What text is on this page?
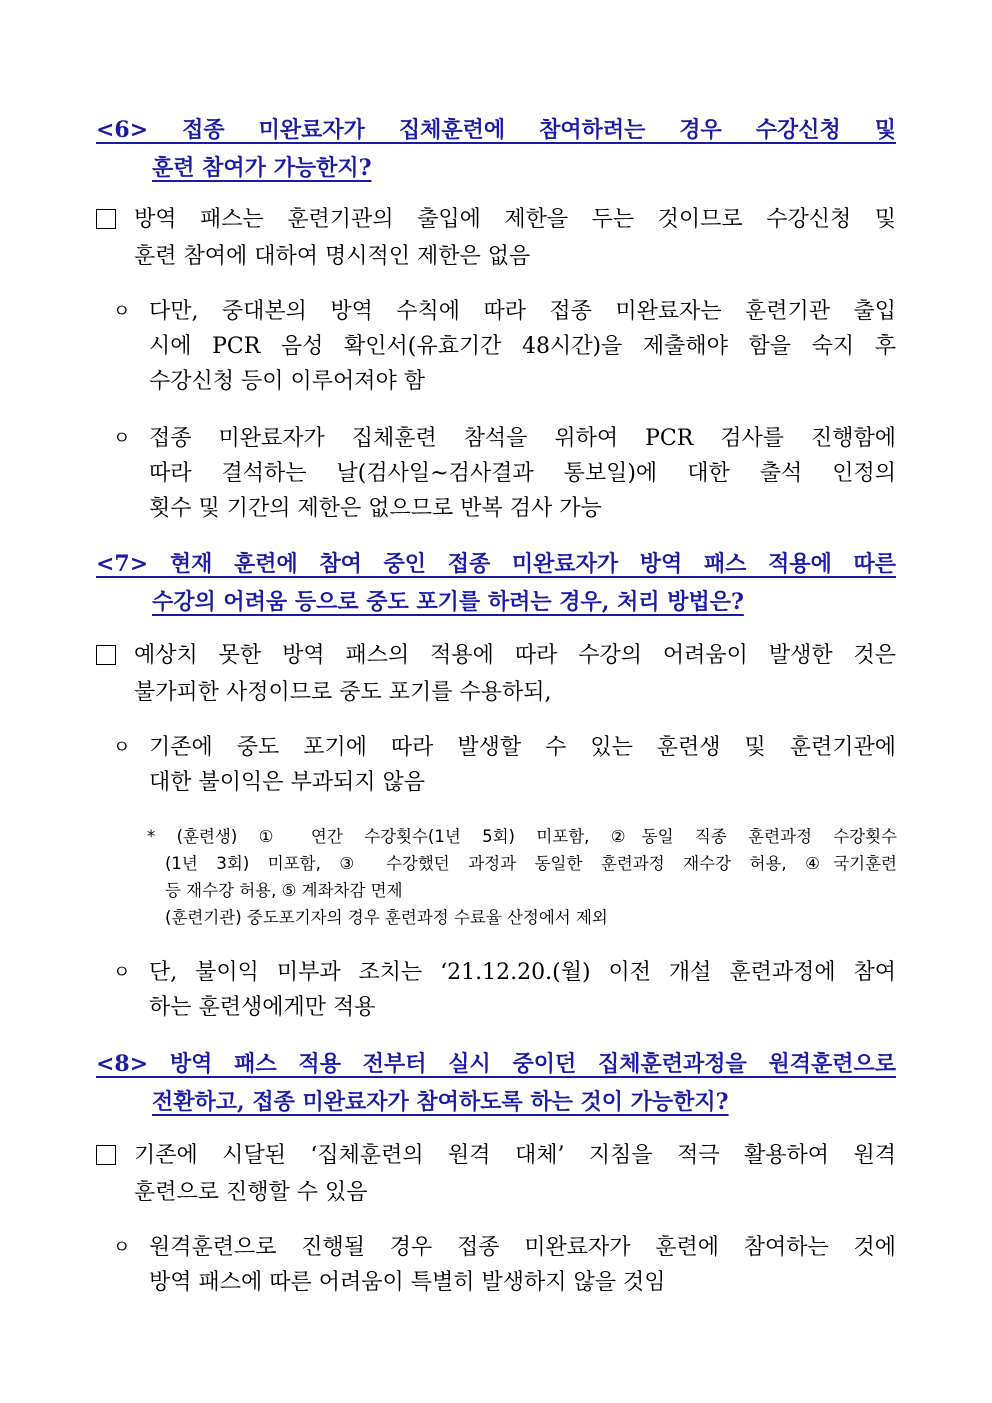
<6> 접종 미완료자가 집체훈련에 참여하려는 경우 수강신청 및
훈련 참여가 가능한지?
방역 패스는 훈련기관의 출입에 제한을 두는 것이므로 수강신청 및
훈련 참여에 대하여 명시적인 제한은 없음
ㅇ 다만, 중대본의 방역 수칙에 따라 접종 미완료자는 훈련기관 출입
시에 PCR 음성 확인서(유효기간 48시간)을 제출해야 함을 숙지 후
수강신청 등이 이루어져야 함
ㅇ 접종 미완료자가 집체훈련 참석을 위하여 PCR 검사를 진행함에
따라 결석하는 날(검사일~검사결과 통보일)에 대한 출석 인정의
횟수 및 기간의 제한은 없으므로 반복 검사 가능
<7> 현재 훈련에 참여 중인 접종 미완료자가 방역 패스 적용에 따른
수강의 어려움 등으로 중도 포기를 하려는 경우, 처리 방법은?
예상치 못한 방역 패스의 적용에 따라 수강의 어려움이 발생한 것은
불가피한 사정이므로 중도 포기를 수용하되,
ㅇ 기존에 중도 포기에 따라 발생할 수 있는 훈련생 및 훈련기관에
대한 불이익은 부과되지 않음
* (훈련생) ① 연간 수강횟수(1년 5회) 미포함, ②동일 직종 훈련과정 수강횟수
(1년 3회) 미포함, ③ 수강했던 과정과 동일한 훈련과정 재수강 허용, ④국기훈련
등 재수강 허용, ⑤ 계좌차감 면제
(훈련기관) 중도포기자의 경우 훈련과정 수료율 산정에서 제외
ㅇ 단, 불이익 미부과 조치는 ‘21.12.20.(월) 이전 개설 훈련과정에 참여
하는 훈련생에게만 적용
<8> 방역 패스 적용 전부터 실시 중이던 집체훈련과정을 원격훈련으로
전환하고, 접종 미완료자가 참여하도록 하는 것이 가능한지?
기존에 시달된 ‘집체훈련의 원격 대체’ 지침을 적극 활용하여 원격
훈련으로 진행할 수 있음
ㅇ 원격훈련으로 진행될 경우 접종 미완료자가 훈련에 참여하는 것에
방역 패스에 따른 어려움이 특별히 발생하지 않을 것임
